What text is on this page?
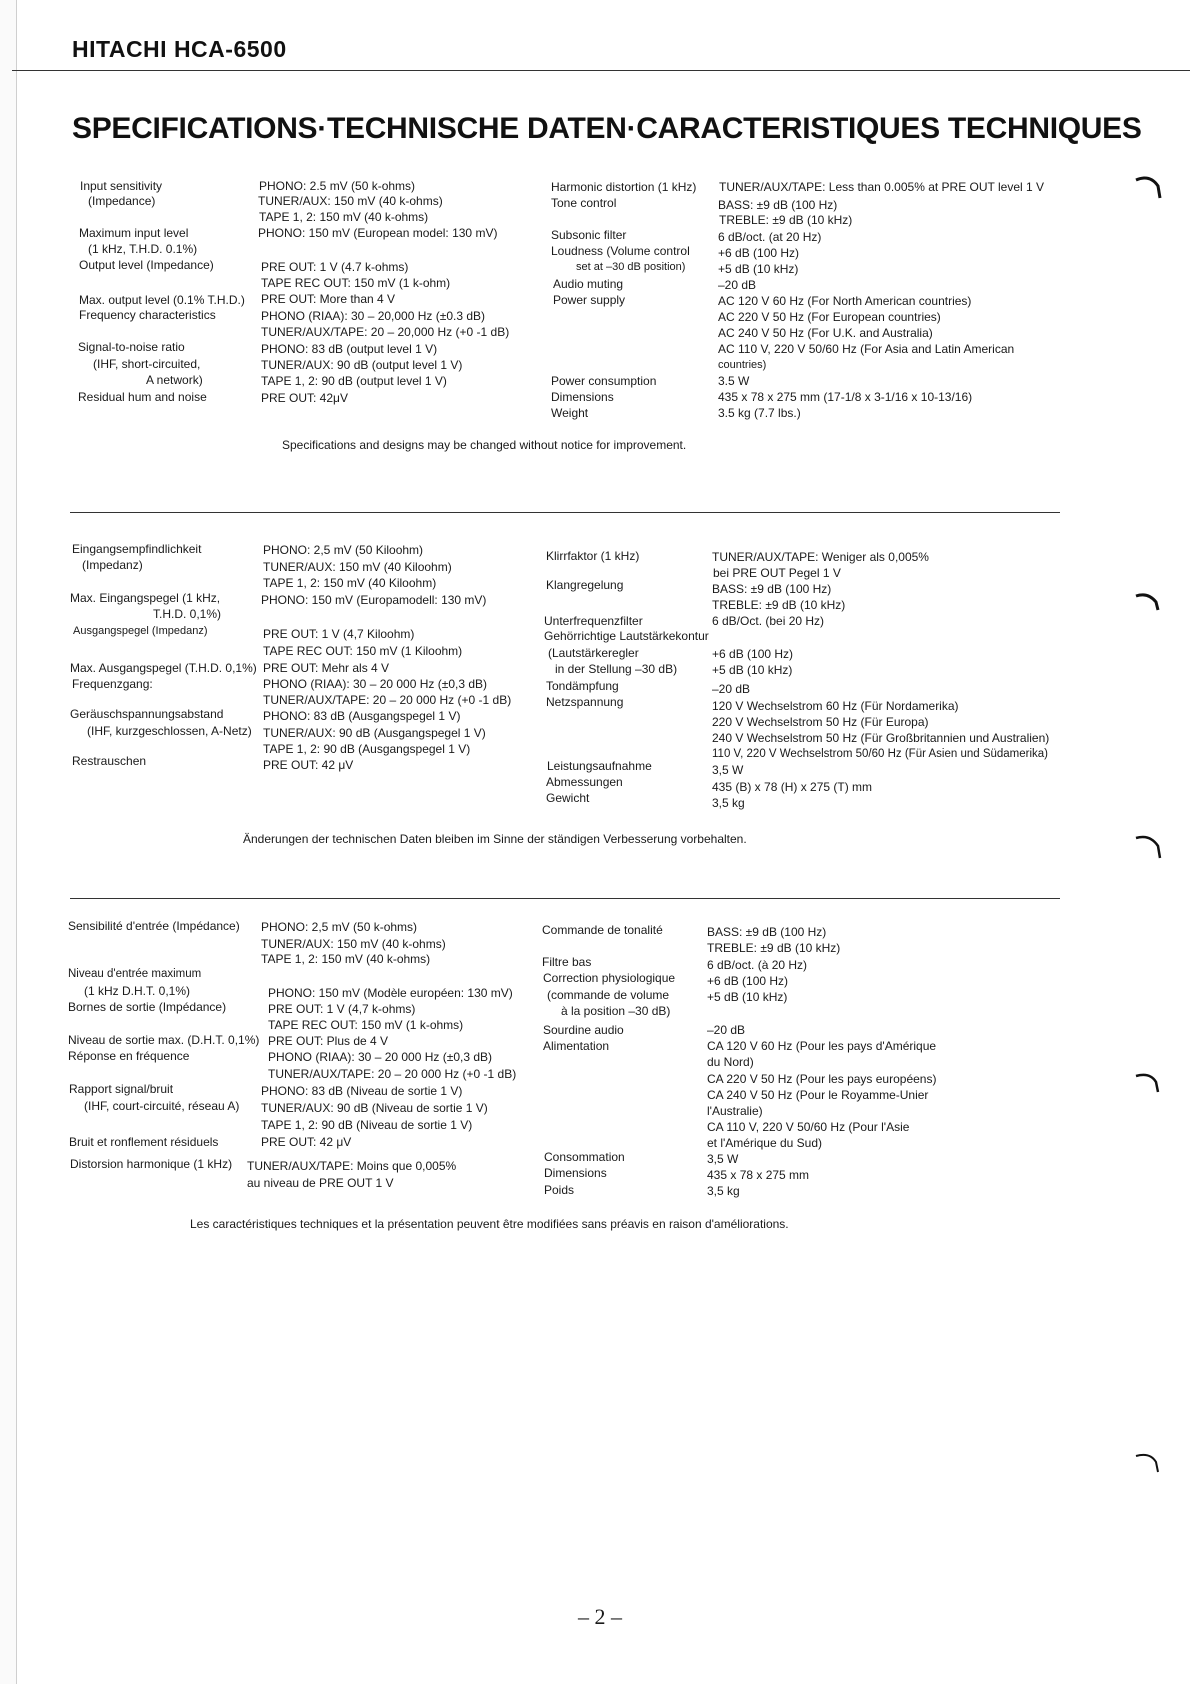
HITACHI HCA-6500
SPECIFICATIONS·TECHNISCHE DATEN·CARACTERISTIQUES TECHNIQUES
Input sensitivity
(Impedance)
Maximum input level
(1 kHz, T.H.D. 0.1%)
Output level (Impedance)
Max. output level (0.1% T.H.D.)
Frequency characteristics
Signal-to-noise ratio
(IHF, short-circuited,
A network)
Residual hum and noise
PHONO: 2.5 mV (50 k-ohms)
TUNER/AUX: 150 mV (40 k-ohms)
TAPE 1, 2: 150 mV (40 k-ohms)
PHONO: 150 mV (European model: 130 mV)
PRE OUT: 1 V (4.7 k-ohms)
TAPE REC OUT: 150 mV (1 k-ohm)
PRE OUT: More than 4 V
PHONO (RIAA): 30 – 20,000 Hz (±0.3 dB)
TUNER/AUX/TAPE: 20 – 20,000 Hz (+0 -1 dB)
PHONO: 83 dB (output level 1 V)
TUNER/AUX: 90 dB (output level 1 V)
TAPE 1, 2: 90 dB (output level 1 V)
PRE OUT: 42μV
Harmonic distortion (1 kHz)
Tone control
Subsonic filter
Loudness (Volume control
set at –30 dB position)
Audio muting
Power supply
Power consumption
Dimensions
Weight
TUNER/AUX/TAPE: Less than 0.005% at PRE OUT level 1 V
BASS: ±9 dB (100 Hz)
TREBLE: ±9 dB (10 kHz)
6 dB/oct. (at 20 Hz)
+6 dB (100 Hz)
+5 dB (10 kHz)
–20 dB
AC 120 V 60 Hz (For North American countries)
AC 220 V 50 Hz (For European countries)
AC 240 V 50 Hz (For U.K. and Australia)
AC 110 V, 220 V 50/60 Hz (For Asia and Latin American
countries)
3.5 W
435 x 78 x 275 mm (17-1/8 x 3-1/16 x 10-13/16)
3.5 kg (7.7 lbs.)
Specifications and designs may be changed without notice for improvement.
Eingangsempfindlichkeit
(Impedanz)
Max. Eingangspegel (1 kHz,
T.H.D. 0,1%)
Ausgangspegel (Impedanz)
Max. Ausgangspegel (T.H.D. 0,1%)
Frequenzgang:
Geräuschspannungsabstand
(IHF, kurzgeschlossen, A-Netz)
Restrauschen
PHONO: 2,5 mV (50 Kiloohm)
TUNER/AUX: 150 mV (40 Kiloohm)
TAPE 1, 2: 150 mV (40 Kiloohm)
PHONO: 150 mV (Europamodell: 130 mV)
PRE OUT: 1 V (4,7 Kiloohm)
TAPE REC OUT: 150 mV (1 Kiloohm)
PRE OUT: Mehr als 4 V
PHONO (RIAA): 30 – 20 000 Hz (±0,3 dB)
TUNER/AUX/TAPE: 20 – 20 000 Hz (+0 -1 dB)
PHONO: 83 dB (Ausgangspegel 1 V)
TUNER/AUX: 90 dB (Ausgangspegel 1 V)
TAPE 1, 2: 90 dB (Ausgangspegel 1 V)
PRE OUT: 42 μV
Klirrfaktor (1 kHz)
Klangregelung
Unterfrequenzfilter
Gehörrichtige Lautstärkekontur
(Lautstärkeregler
in der Stellung –30 dB)
Tondämpfung
Netzspannung
Leistungsaufnahme
Abmessungen
Gewicht
TUNER/AUX/TAPE: Weniger als 0,005%
bei PRE OUT Pegel 1 V
BASS: ±9 dB (100 Hz)
TREBLE: ±9 dB (10 kHz)
6 dB/Oct. (bei 20 Hz)
+6 dB (100 Hz)
+5 dB (10 kHz)
–20 dB
120 V Wechselstrom 60 Hz (Für Nordamerika)
220 V Wechselstrom 50 Hz (Für Europa)
240 V Wechselstrom 50 Hz (Für Großbritannien und Australien)
110 V, 220 V Wechselstrom 50/60 Hz (Für Asien und Südamerika)
3,5 W
435 (B) x 78 (H) x 275 (T) mm
3,5 kg
Änderungen der technischen Daten bleiben im Sinne der ständigen Verbesserung vorbehalten.
Sensibilité d'entrée (Impédance)
Niveau d'entrée maximum
(1 kHz D.H.T. 0,1%)
Bornes de sortie (Impédance)
Niveau de sortie max. (D.H.T. 0,1%)
Réponse en fréquence
Rapport signal/bruit
(IHF, court-circuité, réseau A)
Bruit et ronflement résiduels
Distorsion harmonique (1 kHz)
PHONO: 2,5 mV (50 k-ohms)
TUNER/AUX: 150 mV (40 k-ohms)
TAPE 1, 2: 150 mV (40 k-ohms)
PHONO: 150 mV (Modèle européen: 130 mV)
PRE OUT: 1 V (4,7 k-ohms)
TAPE REC OUT: 150 mV (1 k-ohms)
PRE OUT: Plus de 4 V
PHONO (RIAA): 30 – 20 000 Hz (±0,3 dB)
TUNER/AUX/TAPE: 20 – 20 000 Hz (+0 -1 dB)
PHONO: 83 dB (Niveau de sortie 1 V)
TUNER/AUX: 90 dB (Niveau de sortie 1 V)
TAPE 1, 2: 90 dB (Niveau de sortie 1 V)
PRE OUT: 42 μV
TUNER/AUX/TAPE: Moins que 0,005%
au niveau de PRE OUT 1 V
Commande de tonalité
Filtre bas
Correction physiologique
(commande de volume
à la position –30 dB)
Sourdine audio
Alimentation
Consommation
Dimensions
Poids
BASS: ±9 dB (100 Hz)
TREBLE: ±9 dB (10 kHz)
6 dB/oct. (à 20 Hz)
+6 dB (100 Hz)
+5 dB (10 kHz)
–20 dB
CA 120 V 60 Hz (Pour les pays d'Amérique
du Nord)
CA 220 V 50 Hz (Pour les pays européens)
CA 240 V 50 Hz (Pour le Royamme-Unier
l'Australie)
CA 110 V, 220 V 50/60 Hz (Pour l'Asie
et l'Amérique du Sud)
3,5 W
435 x 78 x 275 mm
3,5 kg
Les caractéristiques techniques et la présentation peuvent être modifiées sans préavis en raison d'améliorations.
– 2 –
